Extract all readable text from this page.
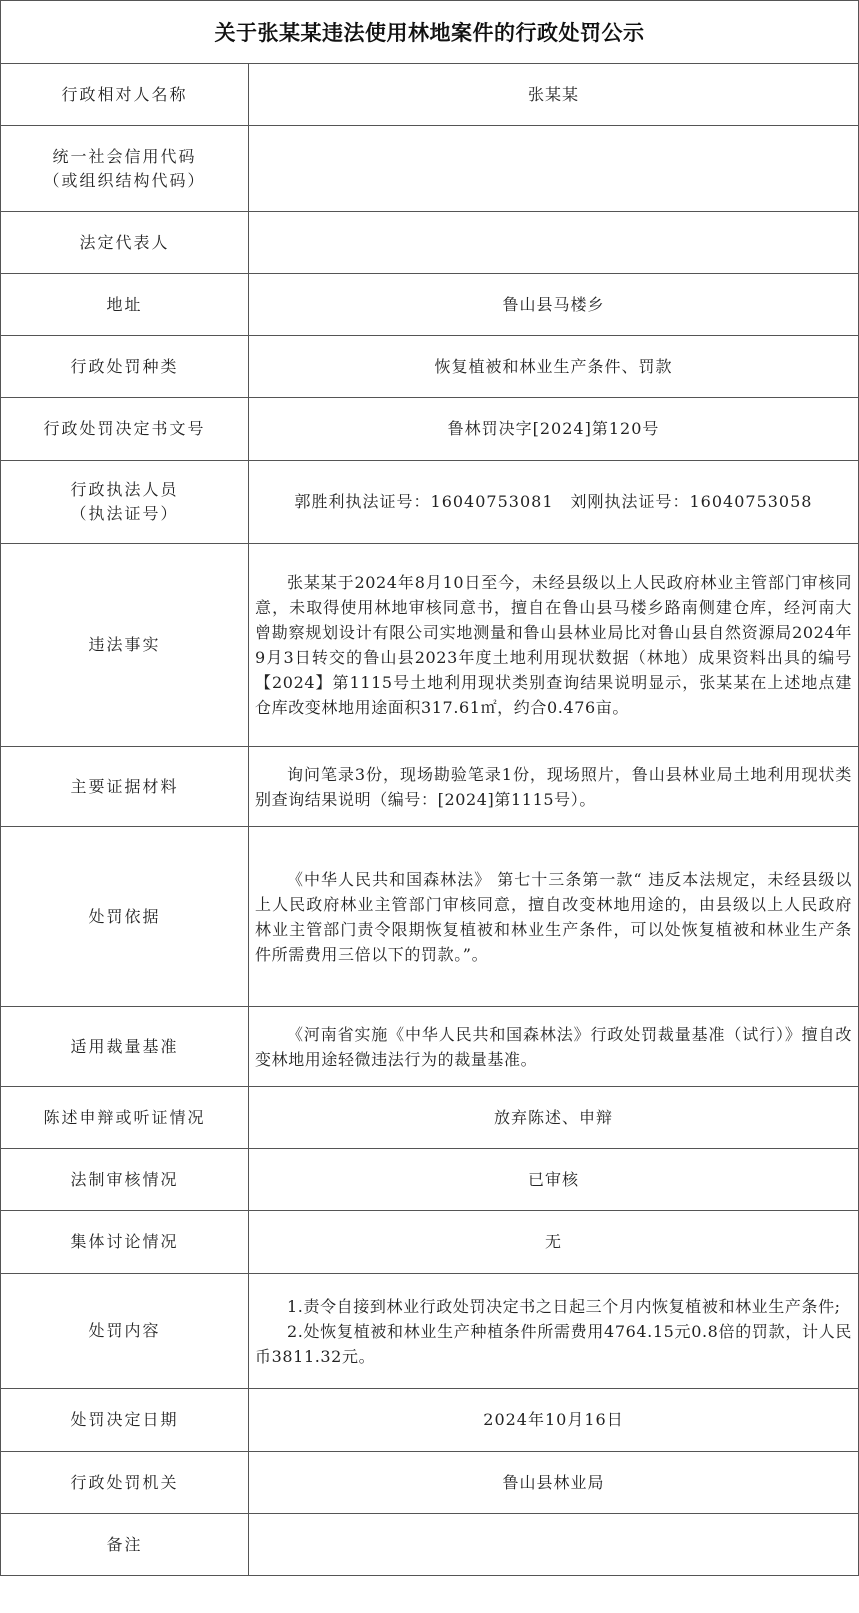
关于张某某违法使用林地案件的行政处罚公示
行政相对人名称	张某某

统一社会信用代码
（或组织结构代码）	

法定代表人	
地址	鲁山县马楼乡
行政处罚种类	恢复植被和林业生产条件、罚款
行政处罚决定书文号	鲁林罚决字[2024]第120号

行政执法人员
（执法证号）	郭胜利执法证号：16040753081　刘刚执法证号：16040753058
违法事实	张某某于2024年8月10日至今，未经县级以上人民政府林业主管部门审核同意，未取得使用林地审核同意书，擅自在鲁山县马楼乡路南侧建仓库，经河南大曾勘察规划设计有限公司实地测量和鲁山县林业局比对鲁山县自然资源局2024年9月3日转交的鲁山县2023年度土地利用现状数据（林地）成果资料出具的编号【2024】第1115号土地利用现状类别查询结果说明显示，张某某在上述地点建仓库改变林地用途面积317.61㎡，约合0.476亩。

主要证据材料	询问笔录3份，现场勘验笔录1份，现场照片，鲁山县林业局土地利用现状类别查询结果说明（编号：[2024]第1115号）。

处罚依据	《中华人民共和国森林法》 第七十三条第一款“ 违反本法规定，未经县级以上人民政府林业主管部门审核同意，擅自改变林地用途的，由县级以上人民政府林业主管部门责令限期恢复植被和林业生产条件，可以处恢复植被和林业生产条件所需费用三倍以下的罚款。”。

适用裁量基准	《河南省实施《中华人民共和国森林法》行政处罚裁量基准（试行）》擅自改变林地用途轻微违法行为的裁量基准。

陈述申辩或听证情况	放弃陈述、申辩
法制审核情况	已审核
集体讨论情况	无
处罚内容	1.责令自接到林业行政处罚决定书之日起三个月内恢复植被和林业生产条件;
2.处恢复植被和林业生产种植条件所需费用4764.15元0.8倍的罚款，计人民币3811.32元。

处罚决定日期	2024年10月16日
行政处罚机关	鲁山县林业局
备注	
